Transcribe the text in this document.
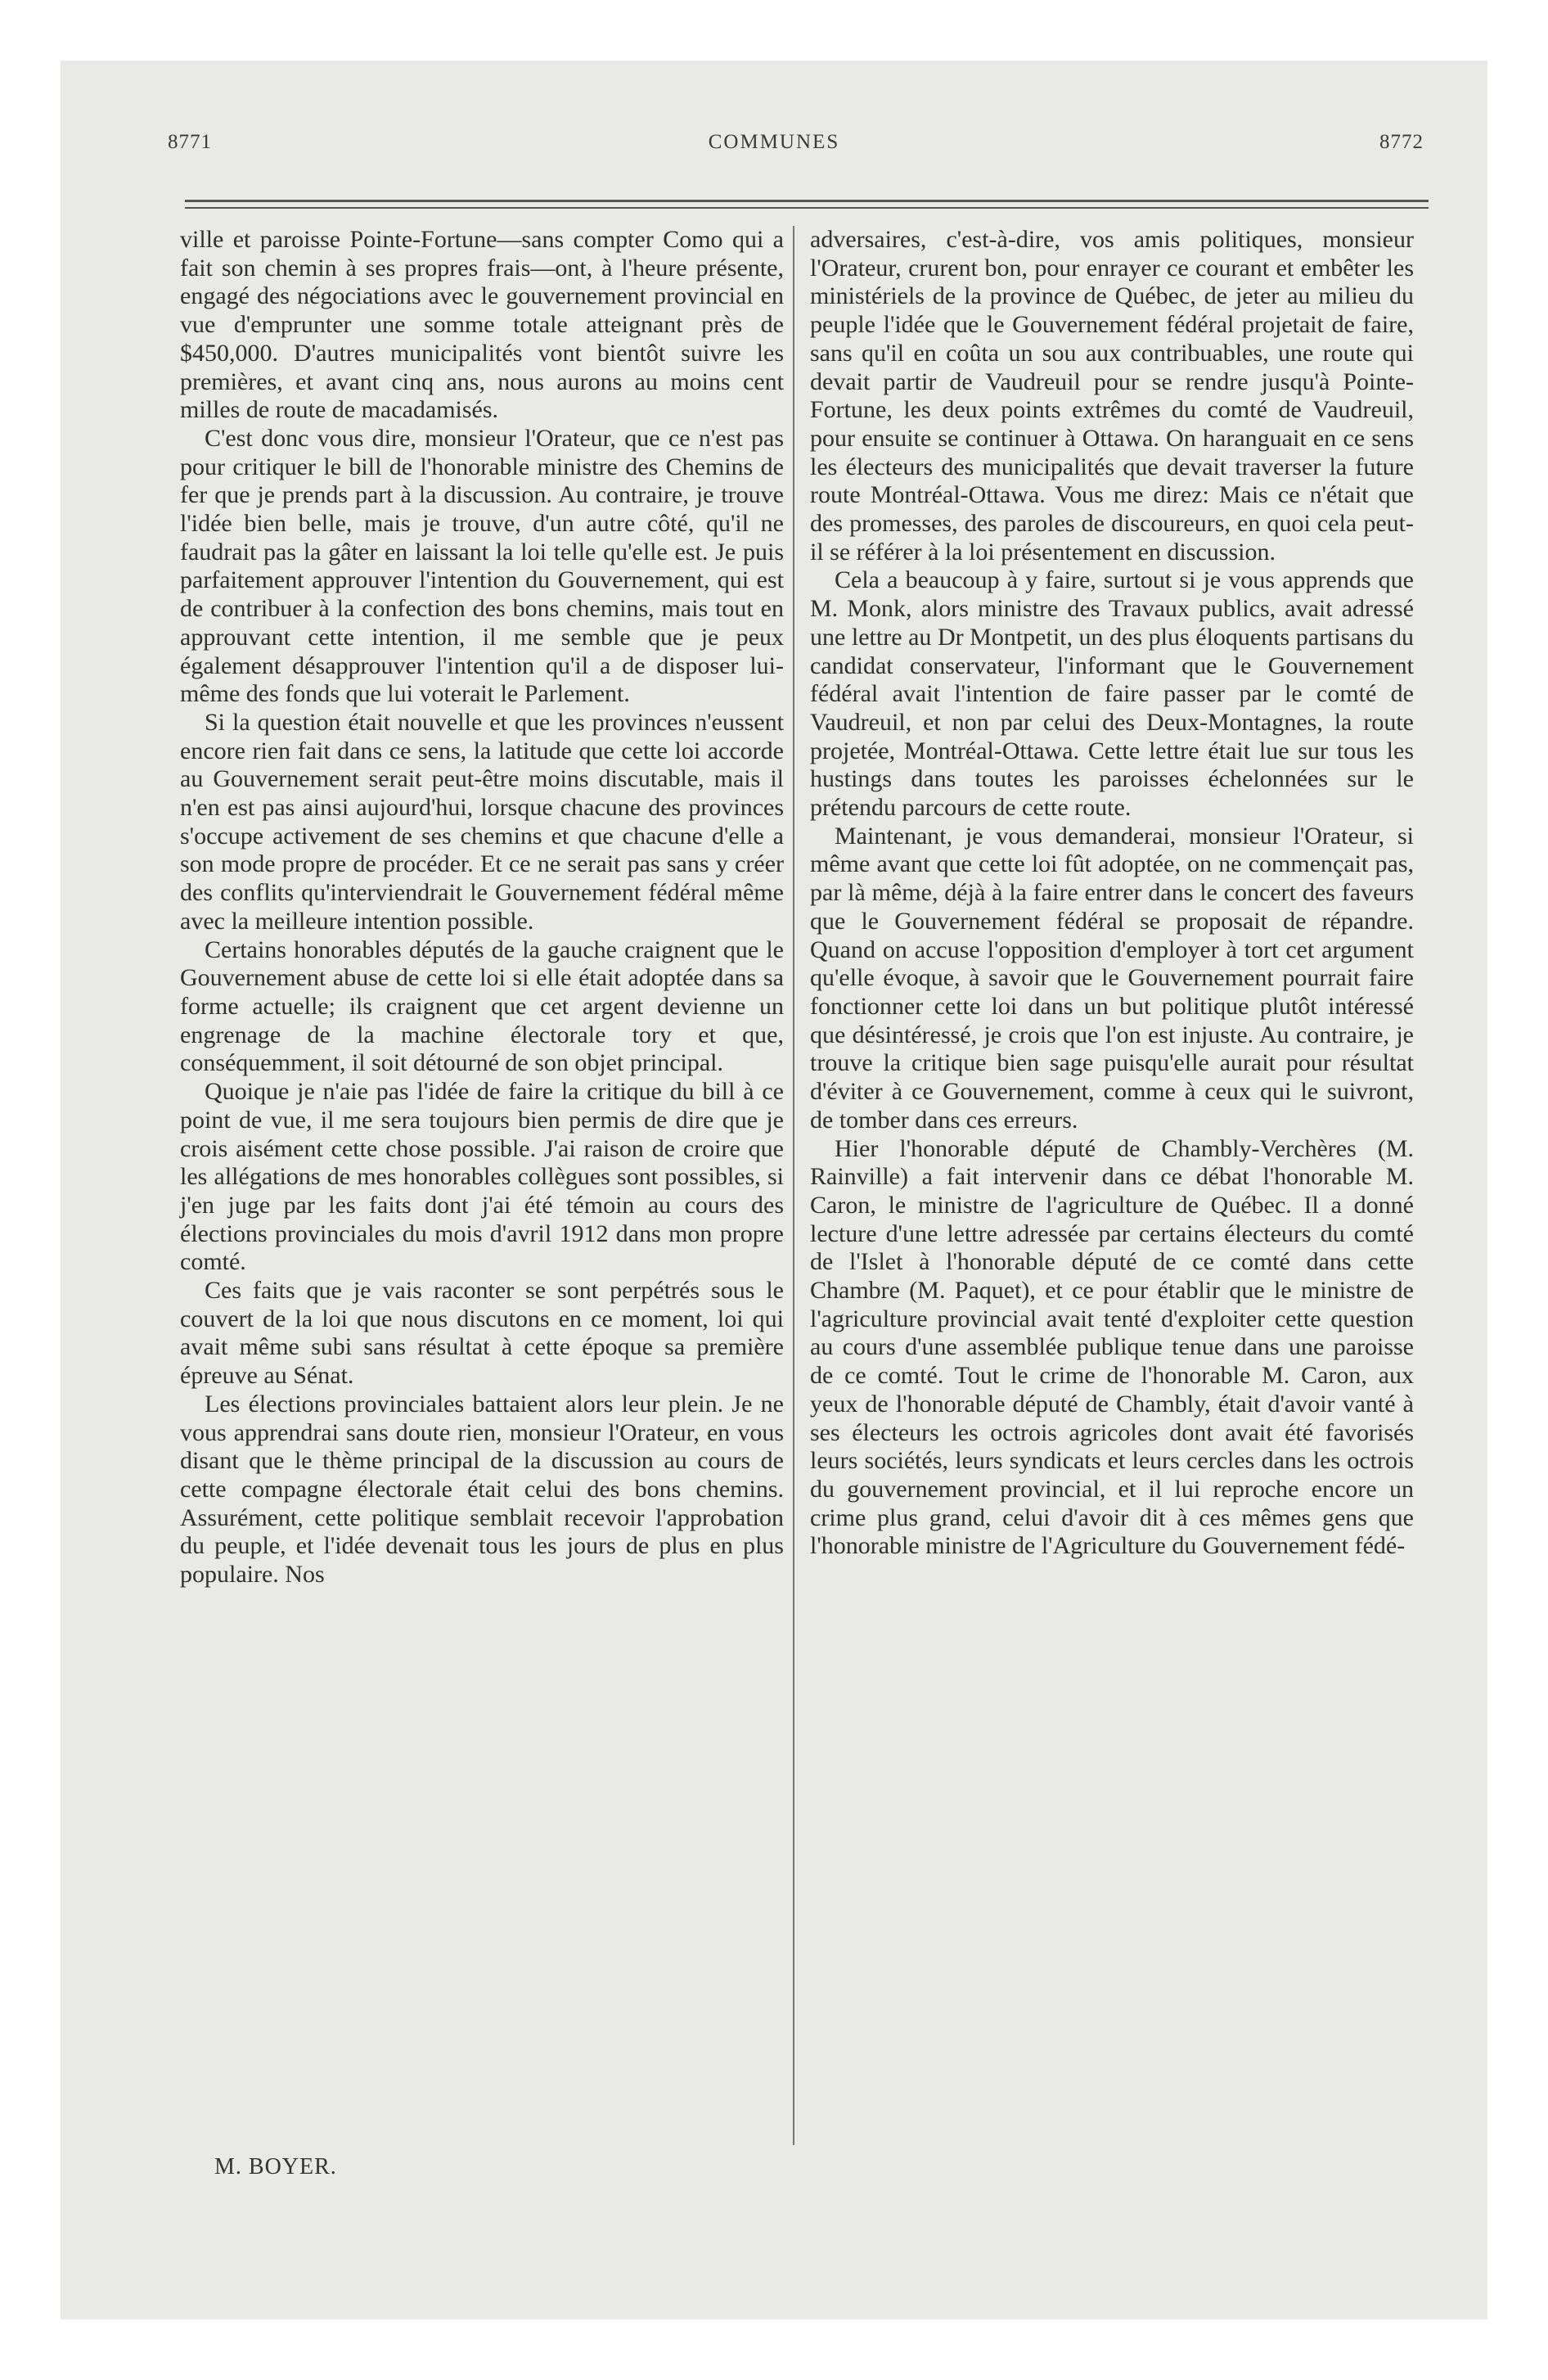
8771	COMMUNES	8772

ville et paroisse Pointe-Fortune—sans compter Como qui a fait son chemin à ses propres frais—ont, à l'heure présente, engagé des négociations avec le gouvernement provincial en vue d'emprunter une somme totale atteignant près de $450,000. D'autres municipalités vont bientôt suivre les premières, et avant cinq ans, nous aurons au moins cent milles de route de macadamisés.

C'est donc vous dire, monsieur l'Orateur, que ce n'est pas pour critiquer le bill de l'honorable ministre des Chemins de fer que je prends part à la discussion. Au contraire, je trouve l'idée bien belle, mais je trouve, d'un autre côté, qu'il ne faudrait pas la gâter en laissant la loi telle qu'elle est. Je puis parfaitement approuver l'intention du Gouvernement, qui est de contribuer à la confection des bons chemins, mais tout en approuvant cette intention, il me semble que je peux également désapprouver l'intention qu'il a de disposer lui-même des fonds que lui voterait le Parlement.

Si la question était nouvelle et que les provinces n'eussent encore rien fait dans ce sens, la latitude que cette loi accorde au Gouvernement serait peut-être moins discutable, mais il n'en est pas ainsi aujourd'hui, lorsque chacune des provinces s'occupe activement de ses chemins et que chacune d'elle a son mode propre de procéder. Et ce ne serait pas sans y créer des conflits qu'interviendrait le Gouvernement fédéral même avec la meilleure intention possible.

Certains honorables députés de la gauche craignent que le Gouvernement abuse de cette loi si elle était adoptée dans sa forme actuelle; ils craignent que cet argent devienne un engrenage de la machine électorale tory et que, conséquemment, il soit détourné de son objet principal.

Quoique je n'aie pas l'idée de faire la critique du bill à ce point de vue, il me sera toujours bien permis de dire que je crois aisément cette chose possible. J'ai raison de croire que les allégations de mes honorables collègues sont possibles, si j'en juge par les faits dont j'ai été témoin au cours des élections provinciales du mois d'avril 1912 dans mon propre comté.

Ces faits que je vais raconter se sont perpétrés sous le couvert de la loi que nous discutons en ce moment, loi qui avait même subi sans résultat à cette époque sa première épreuve au Sénat.

Les élections provinciales battaient alors leur plein. Je ne vous apprendrai sans doute rien, monsieur l'Orateur, en vous disant que le thème principal de la discussion au cours de cette compagne électorale était celui des bons chemins. Assurément, cette politique semblait recevoir l'approbation du peuple, et l'idée devenait tous les jours de plus en plus populaire. Nos

adversaires, c'est-à-dire, vos amis politiques, monsieur l'Orateur, crurent bon, pour enrayer ce courant et embêter les ministériels de la province de Québec, de jeter au milieu du peuple l'idée que le Gouvernement fédéral projetait de faire, sans qu'il en coûta un sou aux contribuables, une route qui devait partir de Vaudreuil pour se rendre jusqu'à Pointe-Fortune, les deux points extrêmes du comté de Vaudreuil, pour ensuite se continuer à Ottawa. On haranguait en ce sens les électeurs des municipalités que devait traverser la future route Montréal-Ottawa. Vous me direz: Mais ce n'était que des promesses, des paroles de discoureurs, en quoi cela peut-il se référer à la loi présentement en discussion.

Cela a beaucoup à y faire, surtout si je vous apprends que M. Monk, alors ministre des Travaux publics, avait adressé une lettre au Dr Montpetit, un des plus éloquents partisans du candidat conservateur, l'informant que le Gouvernement fédéral avait l'intention de faire passer par le comté de Vaudreuil, et non par celui des Deux-Montagnes, la route projetée, Montréal-Ottawa. Cette lettre était lue sur tous les hustings dans toutes les paroisses échelonnées sur le prétendu parcours de cette route.

Maintenant, je vous demanderai, monsieur l'Orateur, si même avant que cette loi fût adoptée, on ne commençait pas, par là même, déjà à la faire entrer dans le concert des faveurs que le Gouvernement fédéral se proposait de répandre. Quand on accuse l'opposition d'employer à tort cet argument qu'elle évoque, à savoir que le Gouvernement pourrait faire fonctionner cette loi dans un but politique plutôt intéressé que désintéressé, je crois que l'on est injuste. Au contraire, je trouve la critique bien sage puisqu'elle aurait pour résultat d'éviter à ce Gouvernement, comme à ceux qui le suivront, de tomber dans ces erreurs.

Hier l'honorable député de Chambly-Verchères (M. Rainville) a fait intervenir dans ce débat l'honorable M. Caron, le ministre de l'agriculture de Québec. Il a donné lecture d'une lettre adressée par certains électeurs du comté de l'Islet à l'honorable député de ce comté dans cette Chambre (M. Paquet), et ce pour établir que le ministre de l'agriculture provincial avait tenté d'exploiter cette question au cours d'une assemblée publique tenue dans une paroisse de ce comté. Tout le crime de l'honorable M. Caron, aux yeux de l'honorable député de Chambly, était d'avoir vanté à ses électeurs les octrois agricoles dont avait été favorisés leurs sociétés, leurs syndicats et leurs cercles dans les octrois du gouvernement provincial, et il lui reproche encore un crime plus grand, celui d'avoir dit à ces mêmes gens que l'honorable ministre de l'Agriculture du Gouvernement fédé-

M. BOYER.
